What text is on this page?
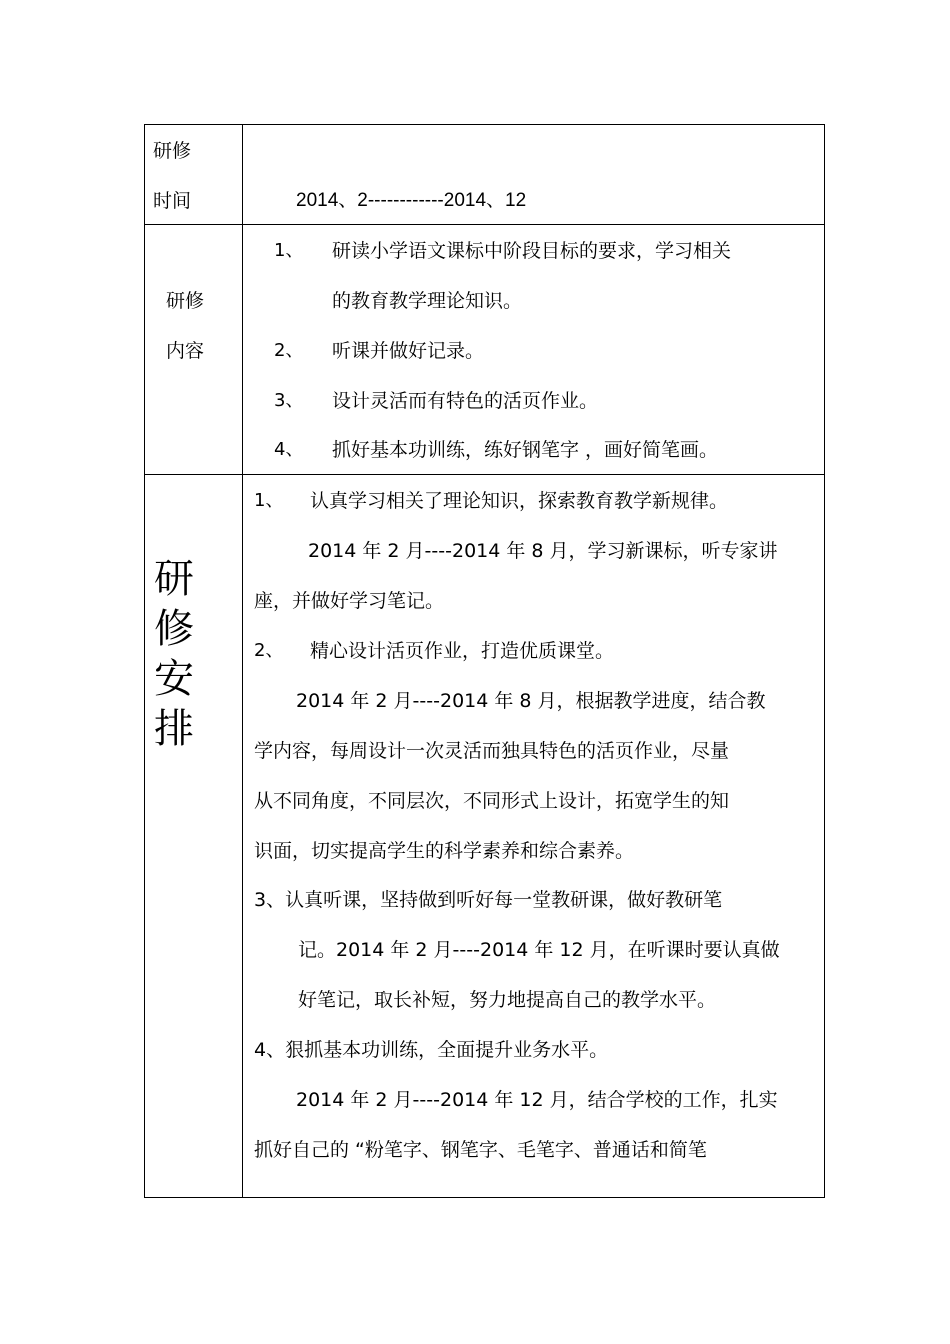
研修
时间	2014、2------------2014、12
研修
内容
1、 研读小学语文课标中阶段目标的要求，学习相关
的教育教学理论知识。
2、 听课并做好记录。
3、 设计灵活而有特色的活页作业。
4、 抓好基本功训练，练好钢笔字 ，画好简笔画。
研
修
安
排
1、 认真学习相关了理论知识，探索教育教学新规律。
2014 年 2 月----2014 年 8 月，学习新课标，听专家讲
座，并做好学习笔记。
2、 精心设计活页作业，打造优质课堂。
2014 年 2 月----2014 年 8 月，根据教学进度，结合教
学内容，每周设计一次灵活而独具特色的活页作业，尽量
从不同角度，不同层次，不同形式上设计，拓宽学生的知
识面，切实提高学生的科学素养和综合素养。
3、认真听课，坚持做到听好每一堂教研课，做好教研笔
记。2014 年 2 月----2014 年 12 月，在听课时要认真做
好笔记，取长补短，努力地提高自己的教学水平。
4、狠抓基本功训练，全面提升业务水平。
2014 年 2 月----2014 年 12 月，结合学校的工作，扎实
抓好自己的 “粉笔字、钢笔字、毛笔字、普通话和简笔
